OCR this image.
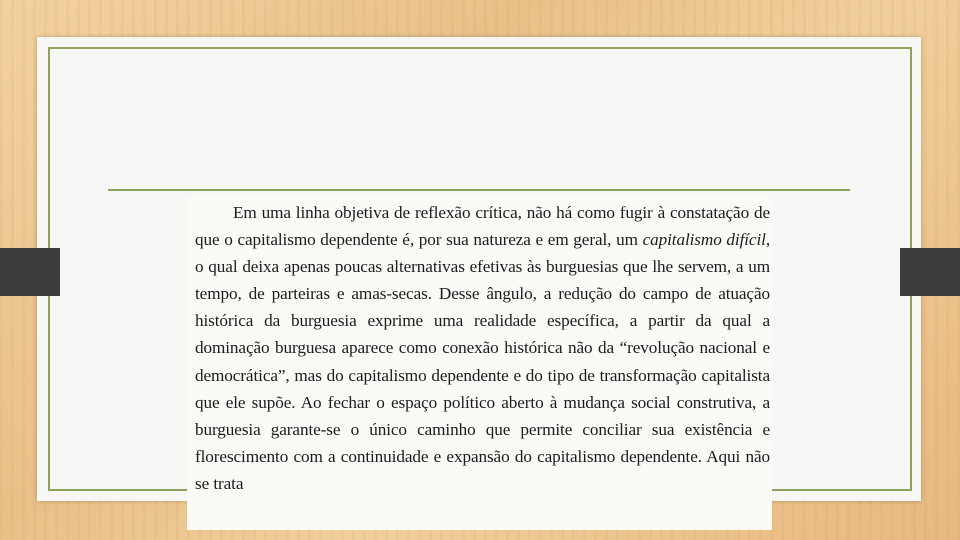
Em uma linha objetiva de reflexão crítica, não há como fugir à constatação de que o capitalismo dependente é, por sua natureza e em geral, um capitalismo difícil, o qual deixa apenas poucas alternativas efetivas às burguesias que lhe servem, a um tempo, de parteiras e amas-secas. Desse ângulo, a redução do campo de atuação histórica da burguesia exprime uma realidade específica, a partir da qual a dominação burguesa aparece como conexão histórica não da “revolução nacional e democrática”, mas do capitalismo dependente e do tipo de transformação capitalista que ele supõe. Ao fechar o espaço político aberto à mudança social construtiva, a burguesia garante-se o único caminho que permite conciliar sua existência e florescimento com a continuidade e expansão do capitalismo dependente. Aqui não se trata
